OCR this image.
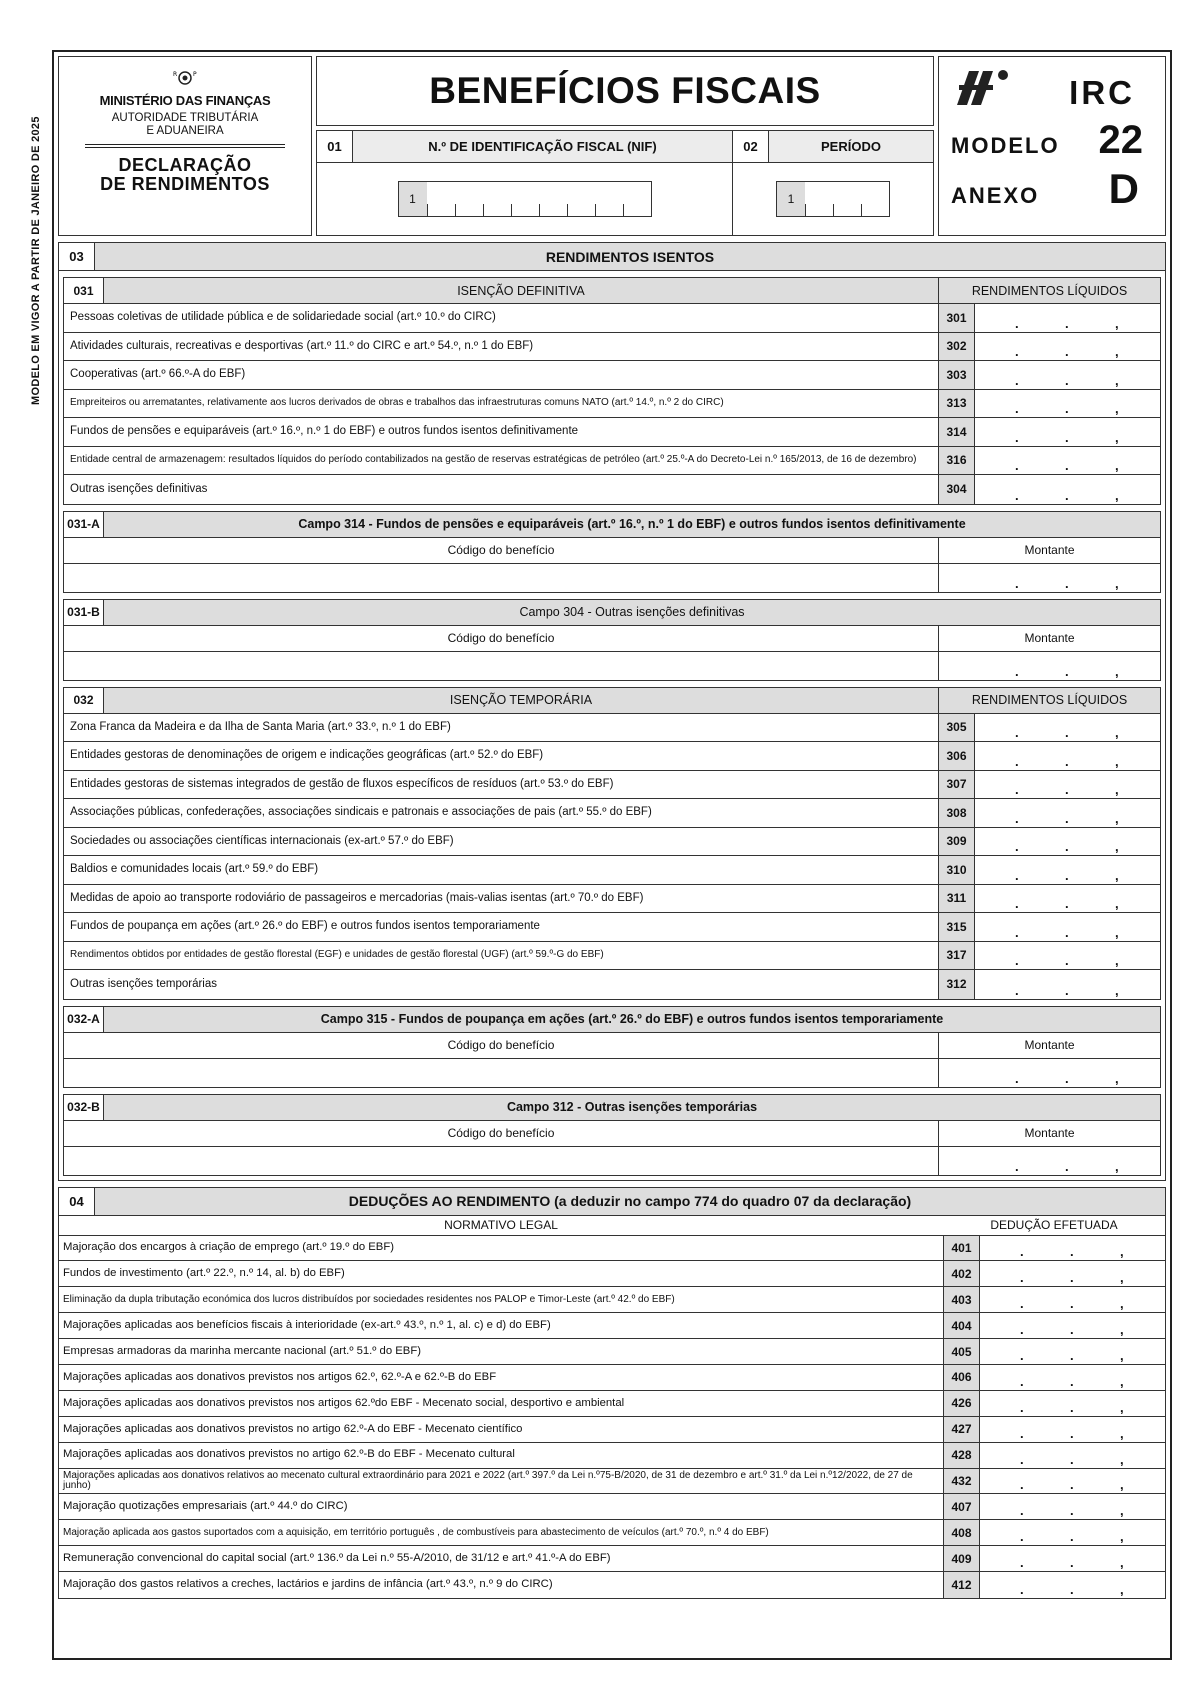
MODELO EM VIGOR A PARTIR DE JANEIRO DE 2025
R	P
MINISTÉRIO DAS FINANÇAS
AUTORIDADE TRIBUTÁRIA
E ADUANEIRA
DECLARAÇÃO
DE RENDIMENTOS
BENEFÍCIOS FISCAIS
01	N.º DE IDENTIFICAÇÃO FISCAL (NIF)
1
02	PERÍODO
1
IRC
MODELO 22
ANEXO D
03	RENDIMENTOS ISENTOS
031	ISENÇÃO DEFINITIVA	RENDIMENTOS LÍQUIDOS
Pessoas coletivas de utilidade pública e de solidariedade social (art.º 10.º do CIRC)	301	.	.	,
Atividades culturais, recreativas e desportivas (art.º 11.º do CIRC e art.º 54.º, n.º 1 do EBF)	302	.	.	,
Cooperativas (art.º 66.º-A do EBF)	303	.	.	,
Empreiteiros ou arrematantes, relativamente aos lucros derivados de obras e trabalhos das infraestruturas comuns NATO (art.º 14.º, n.º 2 do CIRC)	313	.	.	,
Fundos de pensões e equiparáveis (art.º 16.º, n.º 1 do EBF) e outros fundos isentos definitivamente	314	.	.	,
Entidade central de armazenagem: resultados líquidos do período contabilizados na gestão de reservas estratégicas de petróleo (art.º 25.º-A do Decreto-Lei n.º 165/2013, de 16 de dezembro)	316	.	.	,
Outras isenções definitivas	304	.	.	,
031-A	Campo 314 - Fundos de pensões e equiparáveis (art.º 16.º, n.º 1 do EBF) e outros fundos isentos definitivamente
Código do benefício	Montante
.	.	,
031-B	Campo 304 - Outras isenções definitivas
Código do benefício	Montante
.	.	,
032	ISENÇÃO TEMPORÁRIA	RENDIMENTOS LÍQUIDOS
Zona Franca da Madeira e da Ilha de Santa Maria (art.º 33.º, n.º 1 do EBF)	305	.	.	,
Entidades gestoras de denominações de origem e indicações geográficas (art.º 52.º do EBF)	306	.	.	,
Entidades gestoras de sistemas integrados de gestão de fluxos específicos de resíduos (art.º 53.º do EBF)	307	.	.	,
Associações públicas, confederações, associações sindicais e patronais e associações de pais (art.º 55.º do EBF)	308	.	.	,
Sociedades ou associações científicas internacionais (ex-art.º 57.º do EBF)	309	.	.	,
Baldios e comunidades locais (art.º 59.º do EBF)	310	.	.	,
Medidas de apoio ao transporte rodoviário de passageiros e mercadorias (mais-valias isentas (art.º 70.º do EBF)	311	.	.	,
Fundos de poupança em ações (art.º 26.º do EBF) e outros fundos isentos temporariamente	315	.	.	,
Rendimentos obtidos por entidades de gestão florestal (EGF) e unidades de gestão florestal (UGF) (art.º 59.º-G do EBF)	317	.	.	,
Outras isenções temporárias	312	.	.	,
032-A	Campo 315 - Fundos de poupança em ações (art.º 26.º do EBF) e outros fundos isentos temporariamente
Código do benefício	Montante
.	.	,
032-B	Campo 312 - Outras isenções temporárias
Código do benefício	Montante
.	.	,
04	DEDUÇÕES AO RENDIMENTO (a deduzir no campo 774 do quadro 07 da declaração)
NORMATIVO LEGAL	DEDUÇÃO EFETUADA
Majoração dos encargos à criação de emprego (art.º 19.º do EBF)	401	.	.	,
Fundos de investimento (art.º 22.º, n.º 14, al. b) do EBF)	402	.	.	,
Eliminação da dupla tributação económica dos lucros distribuídos por sociedades residentes nos PALOP e Timor-Leste (art.º 42.º do EBF)	403	.	.	,
Majorações aplicadas aos benefícios fiscais à interioridade (ex-art.º 43.º, n.º 1, al. c) e d) do EBF)	404	.	.	,
Empresas armadoras da marinha mercante nacional (art.º 51.º do EBF)	405	.	.	,
Majorações aplicadas aos donativos previstos nos artigos 62.º, 62.º-A e 62.º-B do EBF	406	.	.	,
Majorações aplicadas aos donativos previstos nos artigos 62.ºdo EBF - Mecenato social, desportivo e ambiental	426	.	.	,
Majorações aplicadas aos donativos previstos no artigo 62.º-A do EBF - Mecenato científico	427	.	.	,
Majorações aplicadas aos donativos previstos no artigo 62.º-B do EBF - Mecenato cultural	428	.	.	,
Majorações aplicadas aos donativos relativos ao mecenato cultural extraordinário para 2021 e 2022 (art.º 397.º da Lei n.º75-B/2020, de 31 de dezembro e art.º 31.º da Lei n.º12/2022, de 27 de junho)	432	.	.	,
Majoração quotizações empresariais (art.º 44.º do CIRC)	407	.	.	,
Majoração aplicada aos gastos suportados com a aquisição, em território português , de combustíveis para abastecimento de veículos (art.º 70.º, n.º 4 do EBF)	408	.	.	,
Remuneração convencional do capital social (art.º 136.º da Lei n.º 55-A/2010, de 31/12 e art.º 41.º-A do EBF)	409	.	.	,
Majoração dos gastos relativos a creches, lactários e jardins de infância (art.º 43.º, n.º 9 do CIRC)	412	.	.	,
